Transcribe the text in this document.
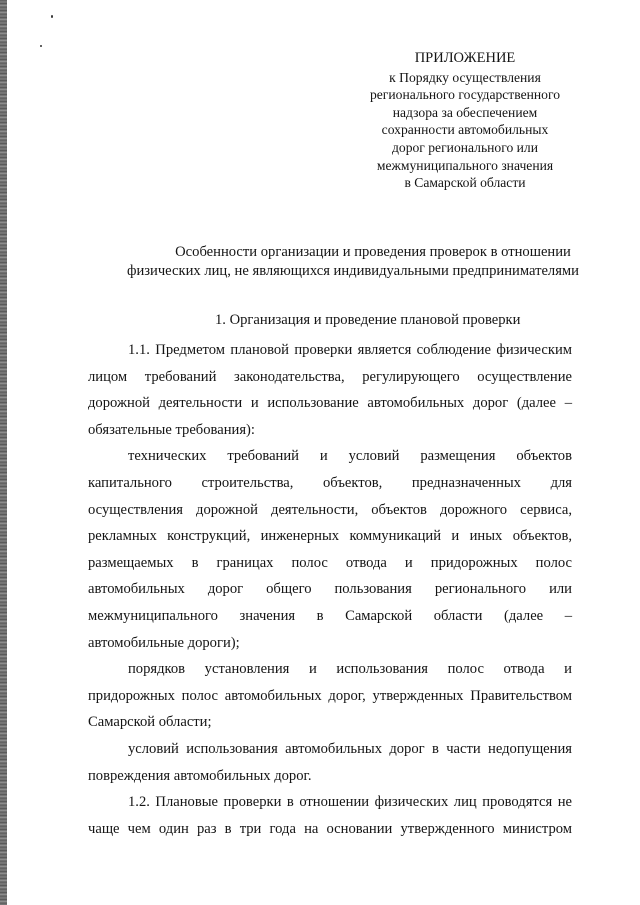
ПРИЛОЖЕНИЕ
к Порядку осуществления
регионального государственного
надзора за обеспечением
сохранности автомобильных
дорог регионального или
межмуниципального значения
в Самарской области
Особенности организации и проведения проверок в отношении
физических лиц, не являющихся индивидуальными предпринимателями
1. Организация и проведение плановой проверки
1.1. Предметом плановой проверки является соблюдение физическим
лицом требований законодательства, регулирующего осуществление
дорожной деятельности и использование автомобильных дорог (далее –
обязательные требования):
технических требований и условий размещения объектов
капитального строительства, объектов, предназначенных для
осуществления дорожной деятельности, объектов дорожного сервиса,
рекламных конструкций, инженерных коммуникаций и иных объектов,
размещаемых в границах полос отвода и придорожных полос
автомобильных дорог общего пользования регионального или
межмуниципального значения в Самарской области (далее –
автомобильные дороги);
порядков установления и использования полос отвода и
придорожных полос автомобильных дорог, утвержденных Правительством
Самарской области;
условий использования автомобильных дорог в части недопущения
повреждения автомобильных дорог.
1.2. Плановые проверки в отношении физических лиц проводятся не
чаще чем один раз в три года на основании утвержденного министром
